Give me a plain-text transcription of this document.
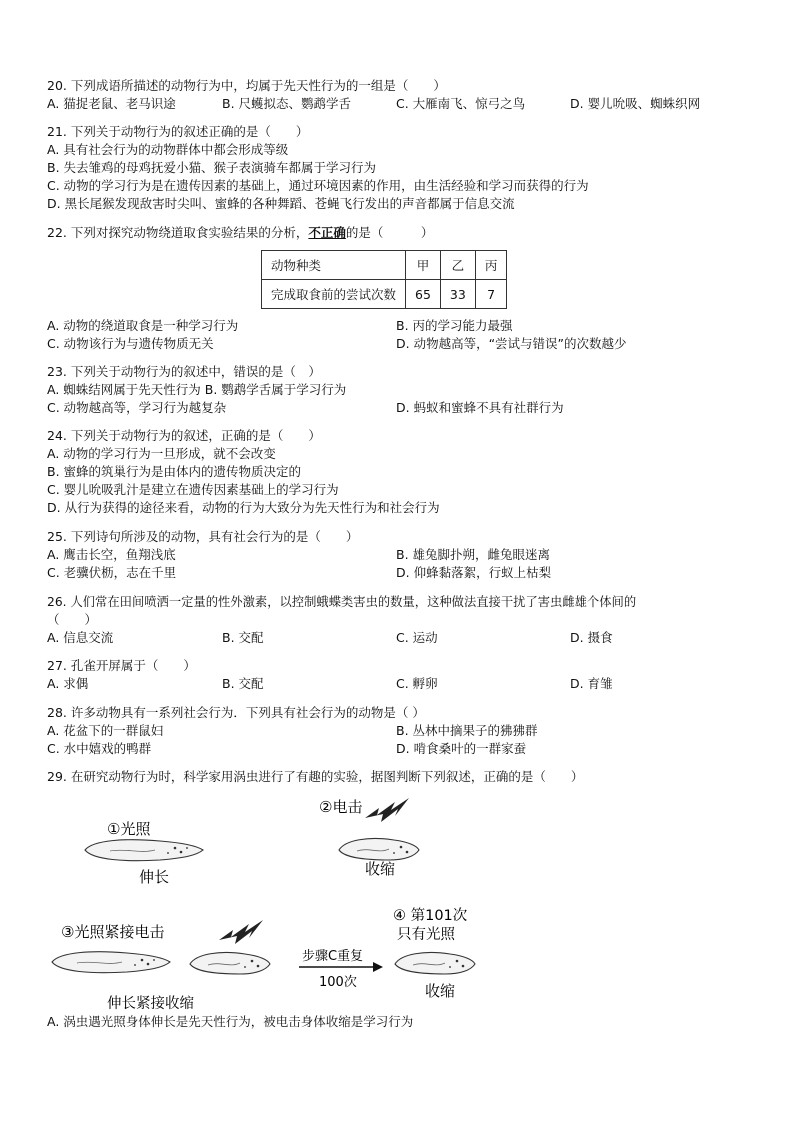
20. 下列成语所描述的动物行为中，均属于先天性行为的一组是（　　）
A. 猫捉老鼠、老马识途	B. 尺蠖拟态、鹦鹉学舌	C. 大雁南飞、惊弓之鸟	D. 婴儿吮吸、蜘蛛织网
21. 下列关于动物行为的叙述正确的是（　　）
A. 具有社会行为的动物群体中都会形成等级
B. 失去雏鸡的母鸡抚爱小猫、猴子表演骑车都属于学习行为
C. 动物的学习行为是在遗传因素的基础上，通过环境因素的作用，由生活经验和学习而获得的行为
D. 黑长尾猴发现敌害时尖叫、蜜蜂的各种舞蹈、苍蝇飞行发出的声音都属于信息交流
22. 下列对探究动物绕道取食实验结果的分析，不正确的是（　　　）
动物种类	甲	乙	丙
完成取食前的尝试次数	65	33	7
A. 动物的绕道取食是一种学习行为	B. 丙的学习能力最强
C. 动物该行为与遗传物质无关	D. 动物越高等，“尝试与错误”的次数越少
23. 下列关于动物行为的叙述中，错误的是（　）
A. 蜘蛛结网属于先天性行为 B. 鹦鹉学舌属于学习行为
C. 动物越高等，学习行为越复杂	D. 蚂蚁和蜜蜂不具有社群行为
24. 下列关于动物行为的叙述，正确的是（　　）
A. 动物的学习行为一旦形成，就不会改变
B. 蜜蜂的筑巢行为是由体内的遗传物质决定的
C. 婴儿吮吸乳汁是建立在遗传因素基础上的学习行为
D. 从行为获得的途径来看，动物的行为大致分为先天性行为和社会行为
25. 下列诗句所涉及的动物，具有社会行为的是（　　）
A. 鹰击长空，鱼翔浅底	B. 雄兔脚扑朔，雌兔眼迷离
C. 老骥伏枥，志在千里	D. 仰蜂黏落絮，行蚁上枯梨
26. 人们常在田间喷洒一定量的性外激素，以控制蛾蝶类害虫的数量，这种做法直接干扰了害虫雌雄个体间的
（　　）
A. 信息交流	B. 交配	C. 运动	D. 摄食
27. 孔雀开屏属于（　　）
A. 求偶	B. 交配	C. 孵卵	D. 育雏
28. 许多动物具有一系列社会行为．下列具有社会行为的动物是（ ）
A. 花盆下的一群鼠妇	B. 丛林中摘果子的狒狒群
C. 水中嬉戏的鸭群	D. 啃食桑叶的一群家蚕
29. 在研究动物行为时，科学家用涡虫进行了有趣的实验，据图判断下列叙述，正确的是（　　）
①光照
伸长
②电击
收缩
③光照紧接电击
伸长紧接收缩
步骤C重复
100次
④ 第101次
只有光照
收缩
A. 涡虫遇光照身体伸长是先天性行为，被电击身体收缩是学习行为
